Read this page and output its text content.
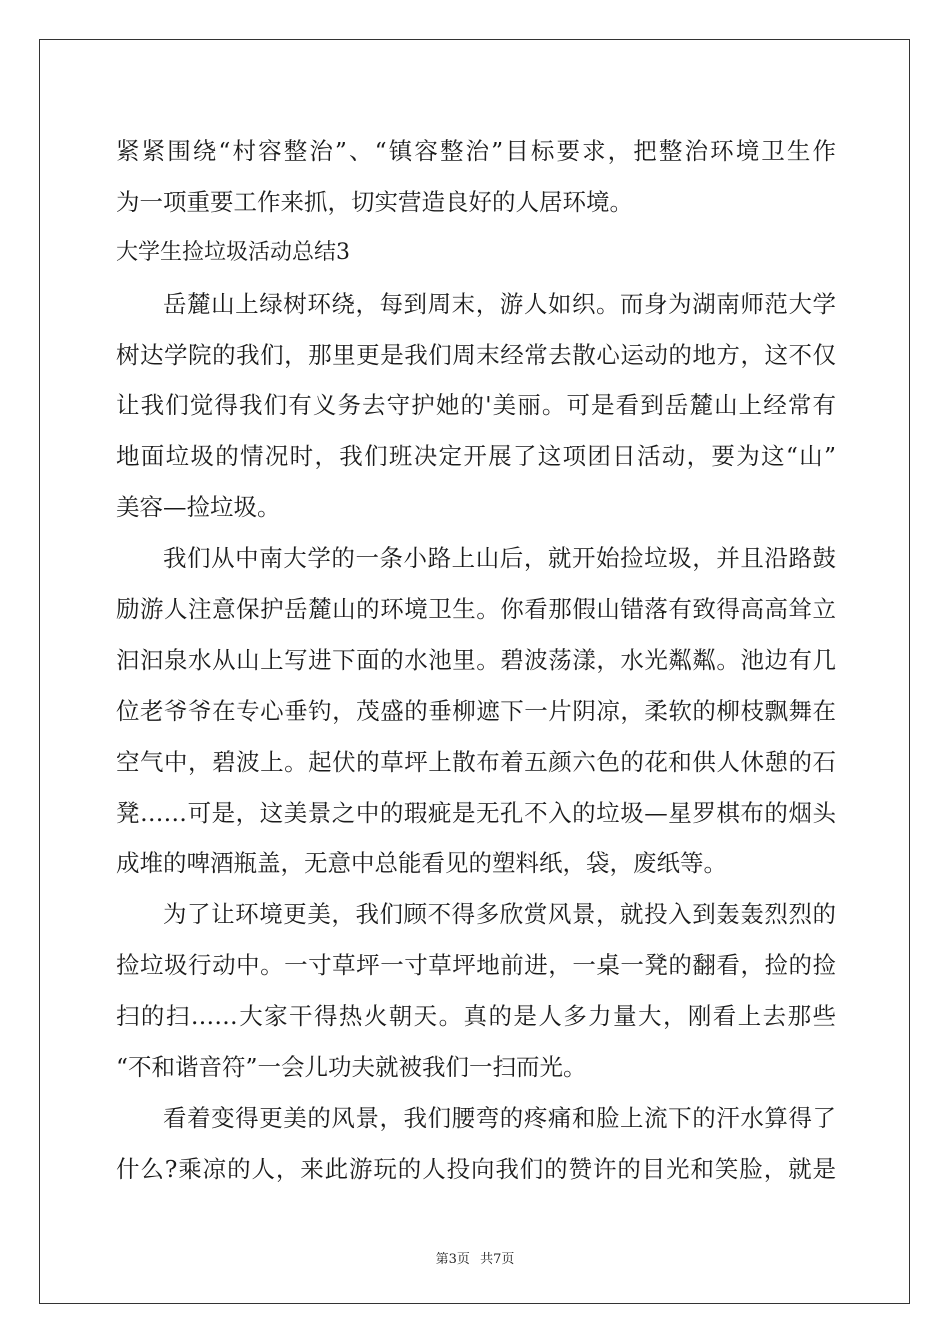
紧紧围绕“村容整治”、“镇容整治”目标要求，把整治环境卫生作
为一项重要工作来抓，切实营造良好的人居环境。
大学生捡垃圾活动总结3
岳麓山上绿树环绕，每到周末，游人如织。而身为湖南师范大学
树达学院的我们，那里更是我们周末经常去散心运动的地方，这不仅
让我们觉得我们有义务去守护她的'美丽。可是看到岳麓山上经常有
地面垃圾的情况时，我们班决定开展了这项团日活动，要为这“山”
美容—捡垃圾。
我们从中南大学的一条小路上山后，就开始捡垃圾，并且沿路鼓
励游人注意保护岳麓山的环境卫生。你看那假山错落有致得高高耸立
汩汩泉水从山上写进下面的水池里。碧波荡漾，水光粼粼。池边有几
位老爷爷在专心垂钓，茂盛的垂柳遮下一片阴凉，柔软的柳枝飘舞在
空气中，碧波上。起伏的草坪上散布着五颜六色的花和供人休憩的石
凳……可是，这美景之中的瑕疵是无孔不入的垃圾—星罗棋布的烟头
成堆的啤酒瓶盖，无意中总能看见的塑料纸，袋，废纸等。
为了让环境更美，我们顾不得多欣赏风景，就投入到轰轰烈烈的
捡垃圾行动中。一寸草坪一寸草坪地前进，一桌一凳的翻看，捡的捡
扫的扫……大家干得热火朝天。真的是人多力量大，刚看上去那些
“不和谐音符”一会儿功夫就被我们一扫而光。
看着变得更美的风景，我们腰弯的疼痛和脸上流下的汗水算得了
什么?乘凉的人，来此游玩的人投向我们的赞许的目光和笑脸，就是
第3页 共7页
